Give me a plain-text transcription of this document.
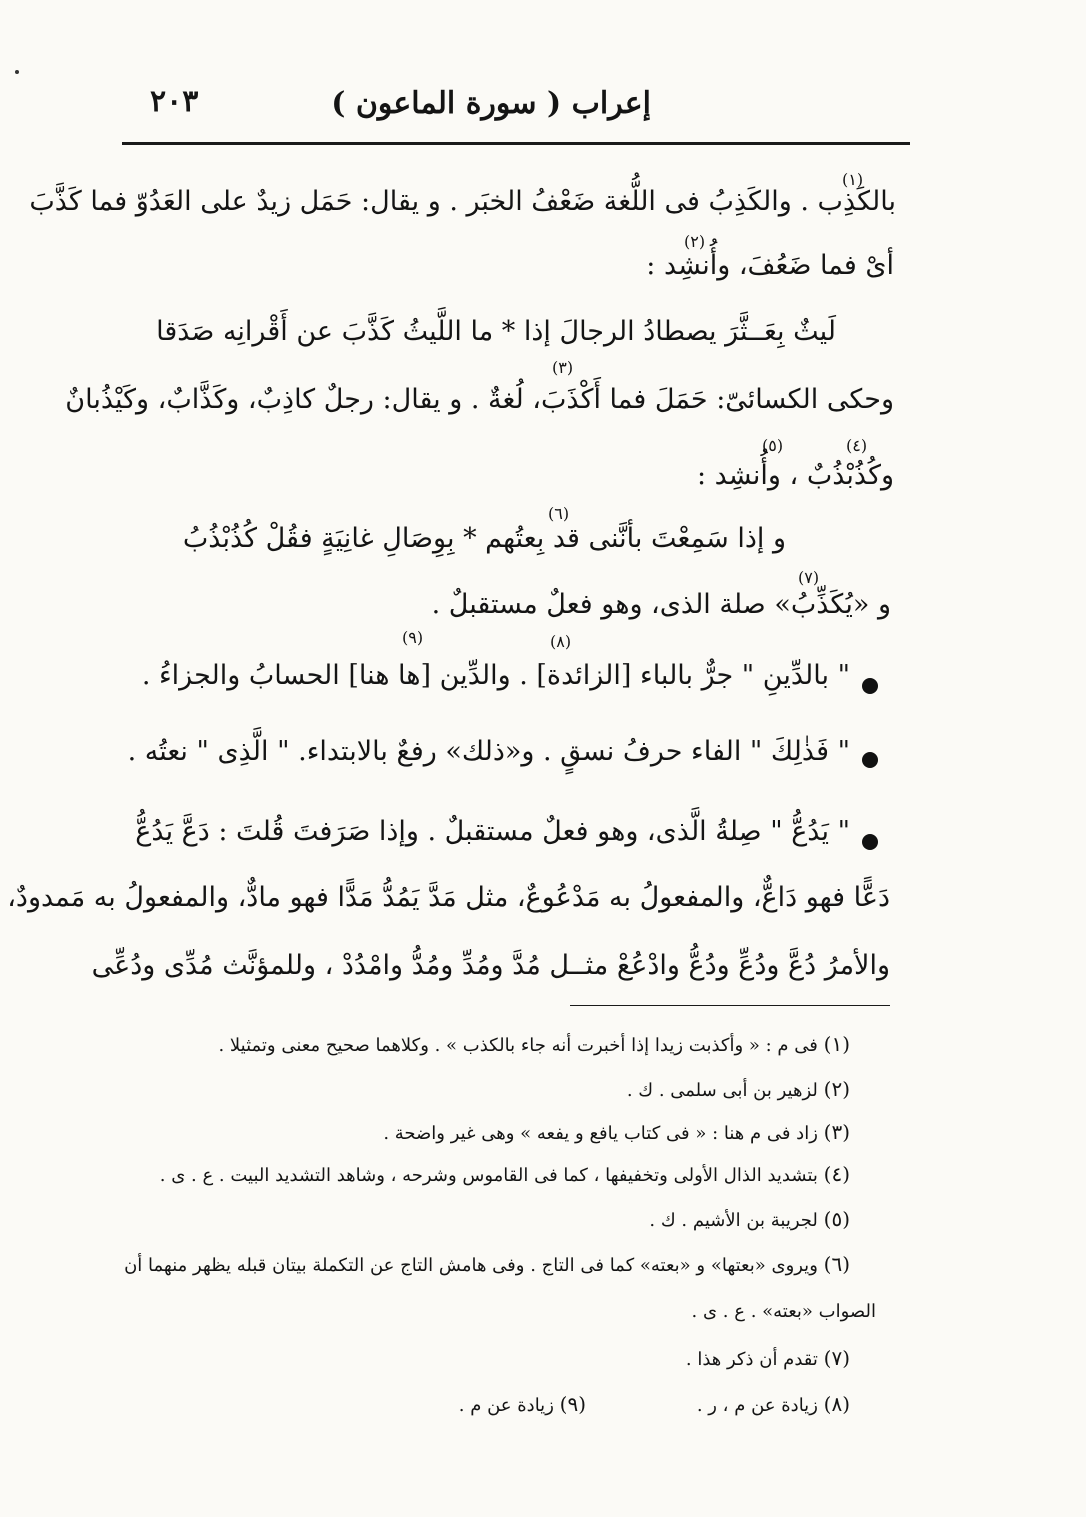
إعراب ( سورة الماعون )
٢٠٣
بالكَذِب . والكَذِبُ فى اللُّغة ضَعْفُ الخبَر . و يقال: حَمَل زيدٌ على العَدُوّ فما كَذَّبَ
أىْ فما ضَعُفَ، وأُنشِد :
لَيثٌ بِعَــثَّرَ يصطادُ الرجالَ إذا * ما اللَّيثُ كَذَّبَ عن أَقْرانِه صَدَقا
وحكى الكسائىّ: حَمَلَ فما أَكْذَبَ، لُغةٌ . و يقال: رجلٌ كاذِبٌ، وكَذَّابٌ، وكَيْذُبانٌ
وكُذُبْذُبٌ ، وأُنشِد :
و إذا سَمِعْتَ بأنَّنى قد بِعتُهم * بِوِصَالِ غانِيَةٍ فقُلْ كُذُبْذُبُ
و «يُكَذِّبُ» صلة الذى، وهو فعلٌ مستقبلٌ .
" بالدِّينِ " جرٌّ بالباء [الزائدة] . والدِّين [ها هنا] الحسابُ والجزاءُ .
" فَذٰلِكَ " الفاء حرفُ نسقٍ . و«ذلك» رفعٌ بالابتداء. " الَّذِى " نعتُه .
" يَدُعُّ " صِلةُ الَّذى، وهو فعلٌ مستقبلٌ . وإذا صَرَفتَ قُلتَ : دَعَّ يَدُعُّ
دَعًّا فهو دَاعٌّ، والمفعولُ به مَدْعُوعٌ، مثل مَدَّ يَمُدُّ مَدًّا فهو مادٌّ، والمفعولُ به مَمدودٌ،
والأمرُ دُعَّ ودُعِّ ودُعُّ وادْعُعْ مثــل مُدَّ ومُدِّ ومُدُّ وامْدُدْ ، وللمؤنَّث مُدِّى ودُعِّى
(١)
(٢)
(٣)
(٤)
(٥)
(٦)
(٧)
(٨)
(٩)
(١) فى م : « وأكذبت زيدا إذا أخبرت أنه جاء بالكذب » . وكلاهما صحيح معنى وتمثيلا .
(٢) لزهير بن أبى سلمى . ك .
(٣) زاد فى م هنا : « فى كتاب يافع و يفعه » وهى غير واضحة .
(٤) بتشديد الذال الأولى وتخفيفها ، كما فى القاموس وشرحه ، وشاهد التشديد البيت . ع . ى .
(٥) لجريبة بن الأشيم . ك .
(٦) ويروى «بعتها» و «بعته» كما فى التاج . وفى هامش التاج عن التكملة بيتان قبله يظهر منهما أن
الصواب «بعته» . ع . ى .
(٧) تقدم أن ذكر هذا .
(٨) زيادة عن م ، ر .
(٩) زيادة عن م .
